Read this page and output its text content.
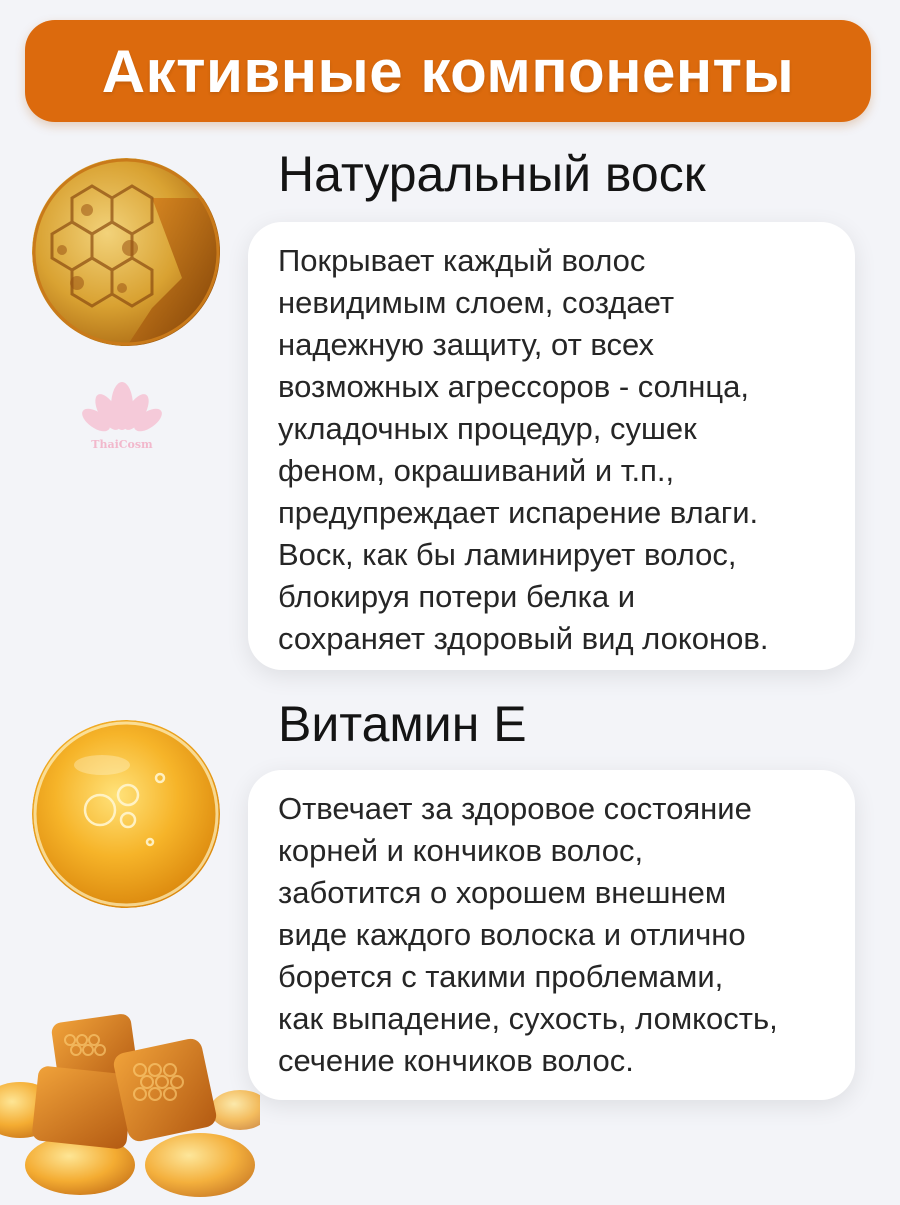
Активные компоненты
ThaiCosm
Натуральный воск

Покрывает каждый волос
невидимым слоем, создает
надежную защиту, от всех
возможных агрессоров - солнца,
укладочных процедур, сушек
феном, окрашиваний и т.п.,
предупреждает испарение влаги.
Воск, как бы ламинирует волос,
блокируя потери белка и
сохраняет здоровый вид локонов.

Витамин Е

Отвечает за здоровое состояние
корней и кончиков волос,
заботится о хорошем внешнем
виде каждого волоска и отлично
борется с такими проблемами,
как выпадение, сухость, ломкость,
сечение кончиков волос.
